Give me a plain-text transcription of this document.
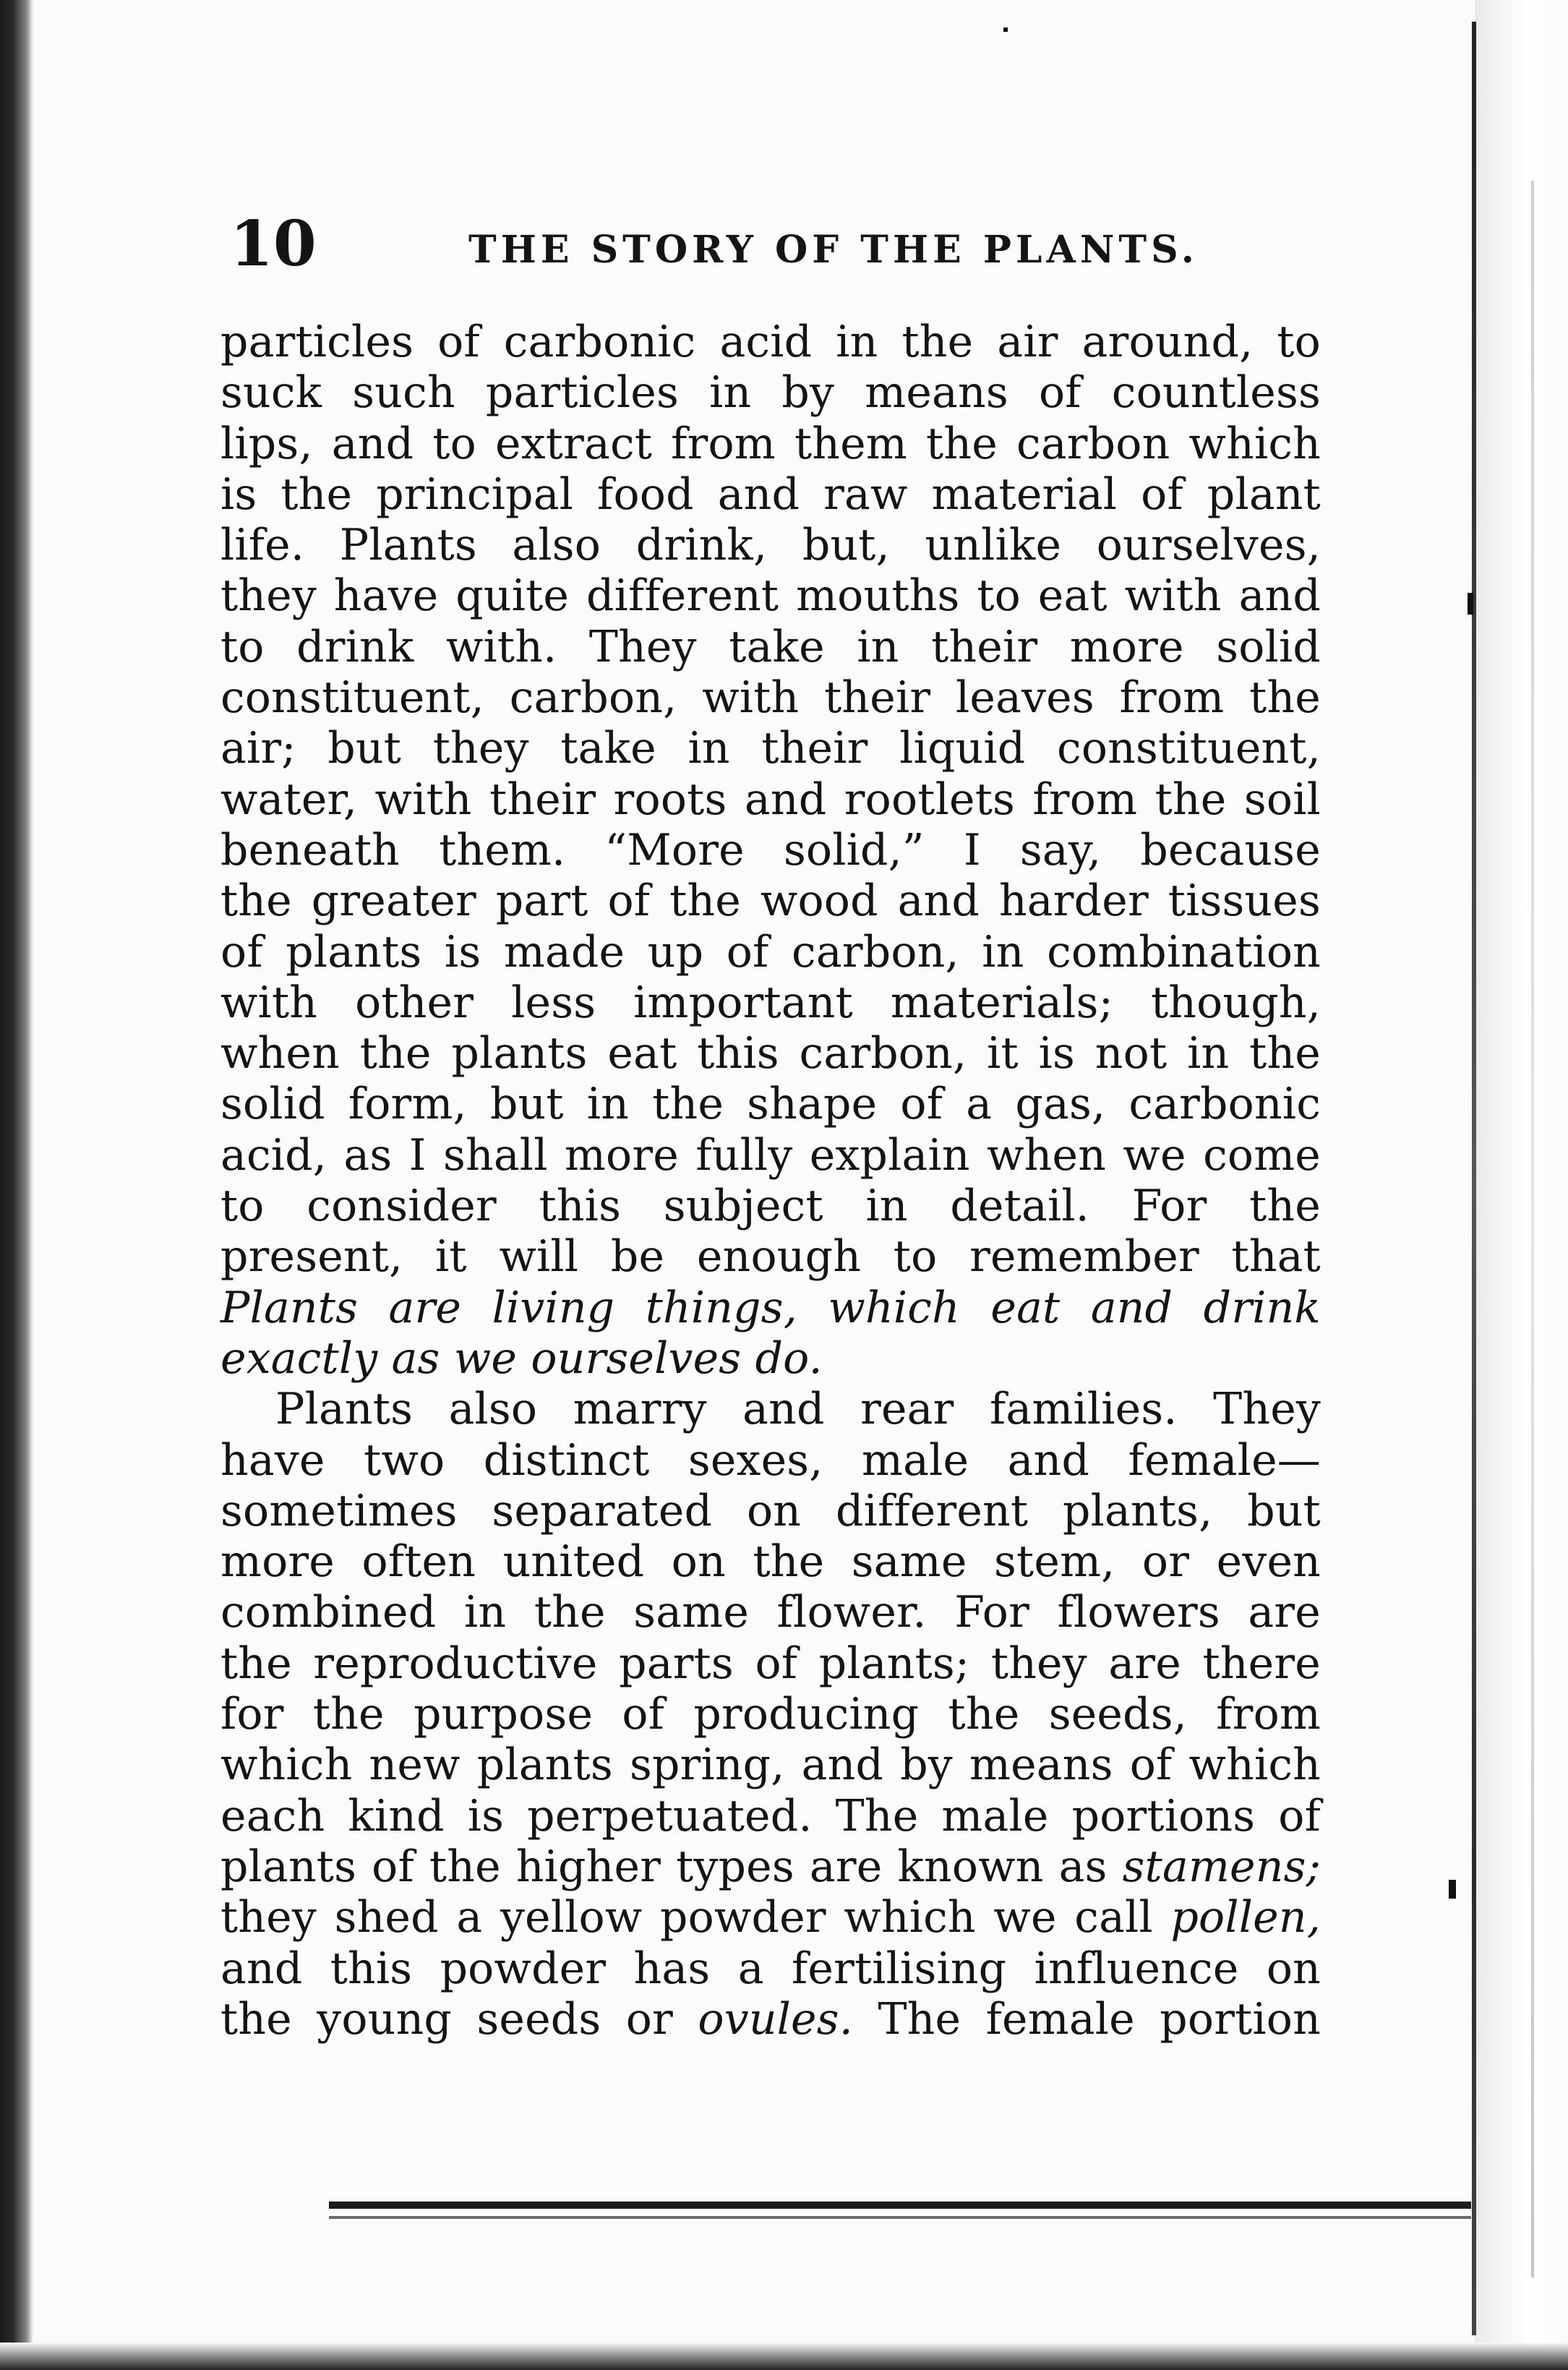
10	THE STORY OF THE PLANTS.
particles of carbonic acid in the air around, to
suck such particles in by means of countless
lips, and to extract from them the carbon which
is the principal food and raw material of plant
life. Plants also drink, but, unlike ourselves,
they have quite different mouths to eat with and
to drink with. They take in their more solid
constituent, carbon, with their leaves from the
air; but they take in their liquid constituent,
water, with their roots and rootlets from the soil
beneath them. “More solid,” I say, because
the greater part of the wood and harder tissues
of plants is made up of carbon, in combination
with other less important materials; though,
when the plants eat this carbon, it is not in the
solid form, but in the shape of a gas, carbonic
acid, as I shall more fully explain when we come
to consider this subject in detail. For the
present, it will be enough to remember that
Plants are living things, which eat and drink
exactly as we ourselves do.
Plants also marry and rear families. They
have two distinct sexes, male and female—
sometimes separated on different plants, but
more often united on the same stem, or even
combined in the same flower. For flowers are
the reproductive parts of plants; they are there
for the purpose of producing the seeds, from
which new plants spring, and by means of which
each kind is perpetuated. The male portions of
plants of the higher types are known as stamens;
they shed a yellow powder which we call pollen,
and this powder has a fertilising influence on
the young seeds or ovules. The female portion
